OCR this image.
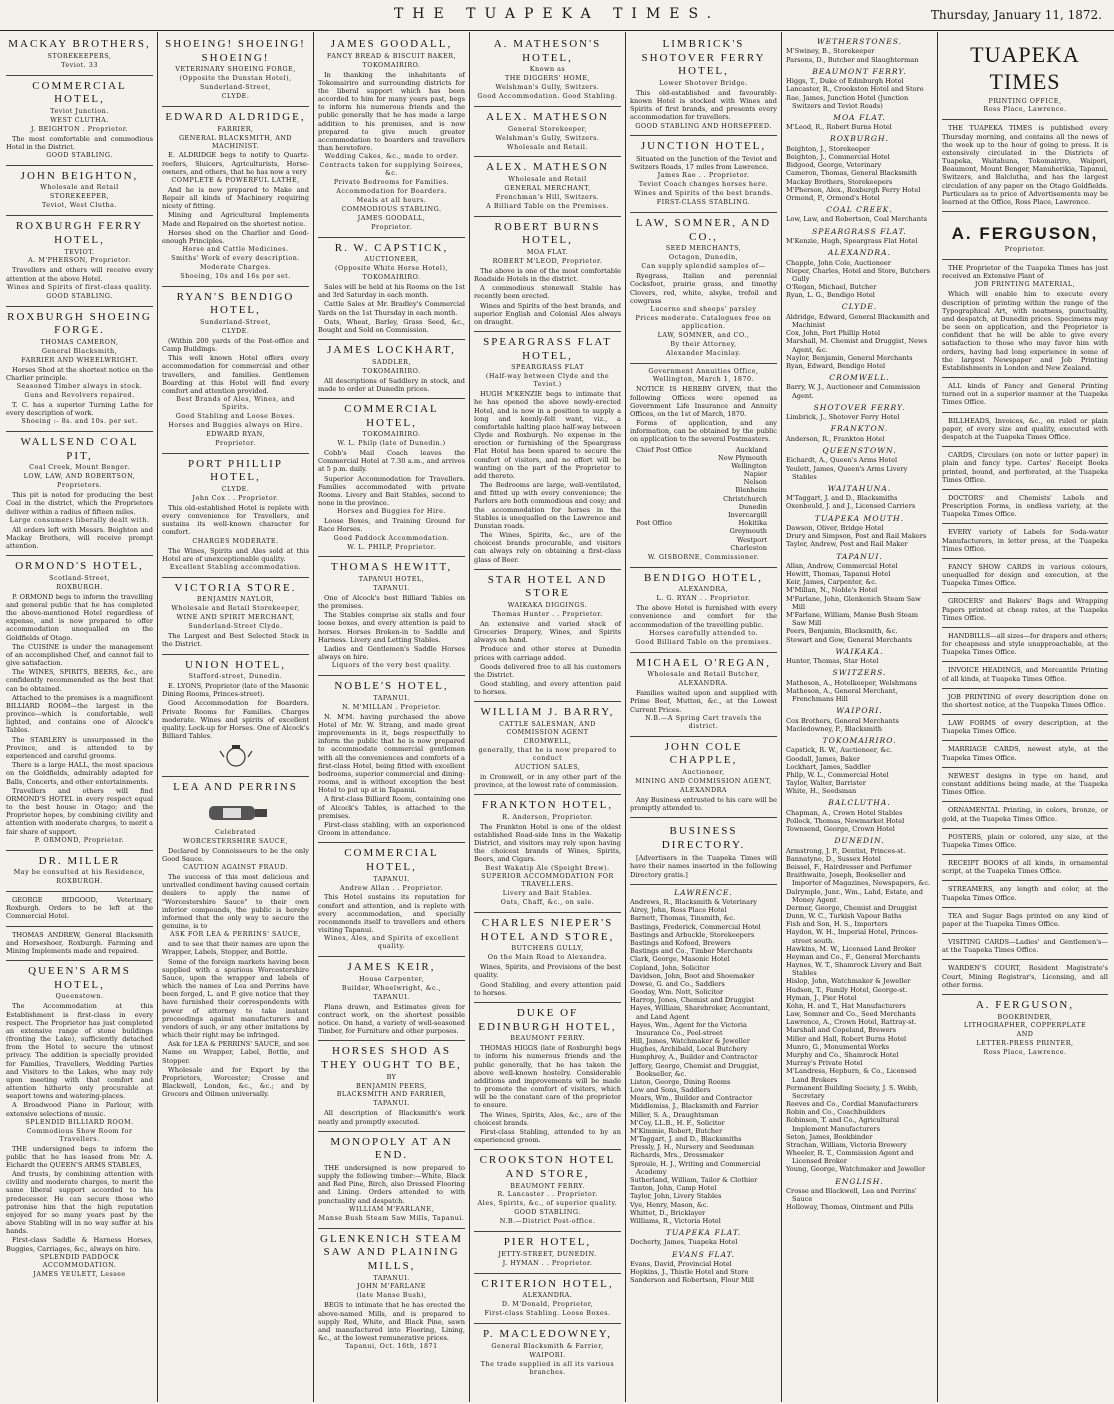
THE TUAPEKA TIMES.	Thursday, January 11, 1872.
MACKAY BROTHERS,
STOREKEEPERS,
Teviot. 33
COMMERCIAL HOTEL,
Teviot Junction.
WEST CLUTHA.
J. BEIGHTON . Proprietor.
The most comfortable and commodious Hotel in the District.
GOOD STABLING.
JOHN BEIGHTON,
Wholesale and Retail
STOREKEEPER,
Teviot, West Clutha.
ROXBURGH FERRY HOTEL,
TEVIOT.
A. M'PHERSON, Proprietor.
Travellers and others will receive every attention at the above Hotel.
Wines and Spirits of first-class quality.
GOOD STABLING.
ROXBURGH SHOEING FORGE.
THOMAS CAMERON,
General Blacksmith,
FARRIER AND WHEELWRIGHT.
Horses Shod at the shortest notice on the Charlier principle.
Seasoned Timber always in stock.
Guns and Revolvers repaired.
T. C. has a superior Turning Lathe for every description of work.
Shoeing :- 8s. and 10s. per set.
WALLSEND COAL PIT,
Coal Creek, Mount Benger.
LOW, LAW, AND ROBERTSON,
Proprietors.
This pit is noted for producing the best Coal in the district, which the Proprietors deliver within a radius of fifteen miles.
Large consumers liberally dealt with.
All orders left with Messrs. Beighton and Mackay Brothers, will receive prompt attention.
ORMOND'S HOTEL,
Scotland-Street,
ROXBURGH.
P. ORMOND begs to inform the travelling and general public that he has completed the above-mentioned Hotel regardless of expense, and is now prepared to offer accommodation unequalled on the Goldfields of Otago.
The CUISINE is under the management of an accomplished Chef, and cannot fail to give satisfaction.
The WINES, SPIRITS, BEERS, &c., are confidently recommended as the best that can be obtained.
Attached to the premises is a magnificent BILLIARD ROOM—the largest in the province—which is comfortable, well lighted, and contains one of Alcock's Tables.
The STABLERY is unsurpassed in the Province, and is attended to by experienced and careful grooms.
There is a large HALL, the most spacious on the Goldfields, admirably adapted for Balls, Concerts, and other entertainments.
Travellers and others will find ORMOND'S HOTEL in every respect equal to the best house in Otago; and the Proprietor hopes, by combining civility and attention with moderate charges, to merit a fair share of support.
P. ORMOND, Proprietor.
DR. MILLER
May be consulted at his Residence,
ROXBURGH.
GEORGE BIDGOOD, Veterinary, Roxburgh. Orders to be left at the Commercial Hotel.
THOMAS ANDREW, General Blacksmith and Horseshoer, Roxburgh. Farming and Mining Implements made and repaired.
QUEEN'S ARMS HOTEL,
Queenstown.
The Accommodation at this Establishment is first-class in every respect. The Proprietor has just completed an extensive range of stone buildings (fronting the Lake), sufficiently detached from the Hotel to secure the utmost privacy. The addition is specially provided for Families, Travellers, Wedding Parties and Visitors to the Lakes, who may rely upon meeting with that comfort and attention hitherto only procurable at seaport towns and watering-places.
A Broadwood Piano in Parlour, with extensive selections of music.
SPLENDID BILLIARD ROOM.
Commodious Show Room for Travellers.
THE undersigned begs to inform the public that he has leased from Mr. A. Eichardt the QUEEN'S ARMS STABLES,
And trusts, by combining attention with civility and moderate charges, to merit the same liberal support accorded to his predecessor. He can secure those who patronise him that the high reputation enjoyed for so many years past by the above Stabling will in no way suffer at his hands.
First-class Saddle & Harness Horses, Buggies, Carriages, &c., always on hire.
SPLENDID PADDOCK ACCOMMODATION.
JAMES YEULETT, Lessee
SHOEING! SHOEING! SHOEING!
VETERINARY SHOEING FORGE,
(Opposite the Dunstan Hotel),
Sunderland-Street,
CLYDE.
EDWARD ALDRIDGE,
FARRIER,
GENERAL BLACKSMITH, AND MACHINIST.
E. ALDRIDGE begs to notify to Quartz-reefers, Sluicers, Agriculturists, Horse-owners, and others, that he has now a very
COMPLETE & POWERFUL LATHE,
And he is now prepared to Make and Repair all kinds of Machinery requiring nicety of fitting.
Mining and Agricultural Implements Made and Repaired on the shortest notice.
Horses shod on the Charlier and Good-enough Principles.
Horse and Cattle Medicines.
Smiths' Work of every description.
Moderate Charges.
Shoeing, 10s and 16s per set.
RYAN'S BENDIGO HOTEL,
Sunderland-Street,
CLYDE.
(Within 200 yards of the Post-office and Camp Buildings.
This well known Hotel offers every accommodation for commercial and other travellers, and families. Gentlemen Boarding at this Hotel will find every comfort and attention provided.
Best Brands of Ales, Wines, and Spirits.
Good Stabling and Loose Boxes.
Horses and Buggies always on Hire.
EDWARD RYAN,
Proprietor.
PORT PHILLIP HOTEL,
CLYDE.
John Cox . . Proprietor.
This old-established Hotel is replete with every convenience for Travellers, and sustains its well-known character for comfort.
CHARGES MODERATE.
The Wines, Spirits and Ales sold at this Hotel are of unexceptionable quality.
Excellent Stabling accommodation.
VICTORIA STORE.
BENJAMIN NAYLOR,
Wholesale and Retail Storekeeper,
WINE AND SPIRIT MERCHANT,
Sunderland-Street Clyde.
The Largest and Best Selected Stock in the District.
UNION HOTEL,
Stafford-street, Dunedin.
E. LYONS, Proprietor (late of the Masonic Dining Rooms, Princes-street).
Good Accommodation for Boarders. Private Rooms for Families. Charges moderate. Wines and spirits of excellent quality. Lock-up for Horses. One of Alcock's Billiard Tables.
LEA AND PERRINS
Celebrated
WORCESTERSHIRE SAUCE,
Declared by Connoisseurs to be the only Good Sauce.
CAUTION AGAINST FRAUD.
The success of this most delicious and unrivalled condiment having caused certain dealers to apply the name of "Worcestershire Sauce" to their own inferior compounds, the public is hereby informed that the only way to secure the genuine, is to
ASK FOR LEA & PERRINS' SAUCE,
and to see that their names are upon the Wrapper, Labels, Stopper, and Bottle.
Some of the foreign markets having been supplied with a spurious Worcestershire Sauce, upon the wrapper and labels of which the names of Lea and Perrins have been forged, L. and P. give notice that they have furnished their correspondents with power of attorney to take instant proceedings against manufacturers and vendors of such, or any other imitations by which their right may be infringed.
Ask for LEA & PERRINS' SAUCE, and see Name on Wrapper, Label, Bottle, and Stopper.
Wholesale and for Export by the Proprietors, Worcester; Crosse and Blackwell, London, &c., &c.; and by Grocers and Oilmen universally.
JAMES GOODALL,
FANCY BREAD & BISCUIT BAKER,
TOKOMAIRIRO.
In thanking the inhabitants of Tokomairiro and surrounding districts for the liberal support which has been accorded to him for many years past, begs to inform his numerous friends and the public generally that he has made a large addition to his premises, and is now prepared to give much greater accommodation to boarders and travellers than heretofore.
Wedding Cakes, &c., made to order.
Contracts taken for supplying Soirees, &c.
Private Bedrooms for Families.
Accommodation for Boarders.
Meals at all hours.
COMMODIOUS STABLING.
JAMES GOODALL,
Proprietor.
R. W. CAPSTICK,
AUCTIONEER,
(Opposite White Horse Hotel),
TOKOMAIRIRO.
Sales will be held at his Rooms on the 1st and 3rd Saturday in each month.
Cattle Sales at Mr. Bradley's Commercial Yards on the 1st Thursday in each month.
Oats, Wheat, Barley, Grass Seed, &c., Bought and Sold on Commission.
JAMES LOCKHART,
SADDLER,
TOKOMAIRIRO.
All descriptions of Saddlery in stock, and made to order at Dunedin prices.
COMMERCIAL HOTEL,
TOKOMAIRIRO.
W. L. Philp (late of Dunedin.)
Cobb's Mail Coach leaves the Commercial Hotel at 7.30 a.m., and arrives at 5 p.m. daily.
Superior Accommodation for Travellers. Families accommodated with private Rooms. Livery and Bait Stables, second to none in the province.
Horses and Buggies for Hire.
Loose Boxes, and Training Ground for Race Horses.
Good Paddock Accommodation.
W. L. PHILP, Proprietor.
THOMAS HEWITT,
TAPANUI HOTEL,
TAPANUI.
One of Alcock's best Billiard Tables on the premises.
The Stables comprise six stalls and four loose boxes, and every attention is paid to horses. Horses Broken-in to Saddle and Harness. Livery and Letting Stables.
Ladies and Gentlemen's Saddle Horses always on hire.
Liquors of the very best quality.
NOBLE'S HOTEL,
TAPANUI.
N. M'MILLAN . Proprietor.
N. M'M. having purchased the above Hotel of Mr. W. Strang, and made great improvements in it, begs respectfully to inform the public that he is now prepared to accommodate commercial gentlemen with all the conveniences and comforts of a first-class Hotel, being fitted with excellent bedrooms, superior commercial and dining-rooms, and is without exception the best Hotel to put up at in Tapanui.
A first-class Billiard Room, containing one of Alcock's Tables, is attached to the premises.
First-class stabling, with an experienced Groom in attendance.
COMMERCIAL HOTEL,
TAPANUI.
Andrew Allan . . Proprietor.
This Hotel sustains its reputation for comfort and attention, and is replete with every accommodation, and specially recommends itself to travellers and others visiting Tapanui.
Wines, Ales, and Spirits of excellent quality.
JAMES KEIR,
House Carpenter,
Builder, Wheelwright, &c.,
TAPANUI.
Plans drawn, and Estimates given for contract work, on the shortest possible notice. On hand, a variety of well-seasoned Timber, for Furniture and other purposes.
HORSES SHOD AS THEY OUGHT TO BE,
BY
BENJAMIN PEERS,
BLACKSMITH AND FARRIER,
TAPANUI.
All description of Blacksmith's work neatly and promptly executed.
MONOPOLY AT AN END.
THE undersigned is now prepared to supply the following timber:—White, Black and Red Pine, Birch, also Dressed Flooring and Lining. Orders attended to with punctuality and despatch.
WILLIAM M'FARLANE,
Manse Bush Steam Saw Mills, Tapanui.
GLENKENICH STEAM SAW AND PLAINING MILLS,
TAPANUI.
JOHN M'FARLANE
(late Manse Bush),
BEGS to intimate that he has erected the above-named Mills, and is prepared to supply Red, White, and Black Pine, sawn and manufactured into Flooring, Lining, &c., at the lowest remunerative prices.
Tapanui, Oct. 16th, 1871
A. MATHESON'S HOTEL,
Known as
THE DIGGERS' HOME,
Welshman's Gully, Switzers.
Good Accommodation. Good Stabling.
ALEX. MATHESON
General Storekeeper,
Welshman's Gully, Switzers.
Wholesale and Retail.
ALEX. MATHESON
Wholesale and Retail
GENERAL MERCHANT,
Frenchman's Hill, Switzers.
A Billiard Table on the Premises.
ROBERT BURNS HOTEL,
MOA FLAT.
ROBERT M'LEOD, Proprietor.
The above is one of the most comfortable Roadside Hotels in the district.
A commodious stonewall Stable has recently been erected.
Wines and Spirits of the best brands, and superior English and Colonial Ales always on draught.
SPEARGRASS FLAT HOTEL,
SPEARGRASS FLAT
(Half-way between Clyde and the Teviot.)
HUGH M'KENZIE begs to intimate that he has opened the above newly-erected Hotel, and is now in a position to supply a long and keenly-felt want, viz., a comfortable halting place half-way between Clyde and Roxburgh. No expense in the erection or furnishing of the Speargrass Flat Hotel has been spared to secure the comfort of visitors, and no effort will be wanting on the part of the Proprietor to add thereto.
The Bedrooms are large, well-ventilated, and fitted up with every convenience; the Parlors are both commodious and cosy; and the accommodation for horses in the Stables is unequalled on the Lawrence and Dunstan roads.
The Wines, Spirits, &c., are of the choicest brands procurable, and visitors can always rely on obtaining a first-class glass of Beer.
STAR HOTEL AND STORE
WAIKAKA DIGGINGS.
Thomas Hunter . . Proprietor.
An extensive and varied stock of Groceries Drapery, Wines, and Spirits always on hand.
Produce and other stores at Dunedin prices with carriage added.
Goods delivered free to all his customers the District.
Good stabling, and every attention paid to horses.
WILLIAM J. BARRY,
CATTLE SALESMAN, AND COMMISSION AGENT
CROMWELL,
generally, that he is now prepared to conduct
AUCTION SALES,
in Cromwell, or in any other part of the province, at the lowest rate of commission.
FRANKTON HOTEL,
R. Anderson, Proprietor.
The Frankton Hotel is one of the oldest established Road-side Inns in the Wakatip District, and visitors may rely upon having the choicest brands of Wines, Spirits, Beers, and Cigars.
Best Wakatip Ale (Speight Brew).
SUPERIOR ACCOMMODATION FOR TRAVELLERS.
Livery and Bait Stables.
Oats, Chaff, &c., on sale.
CHARLES NIEPER'S HOTEL AND STORE,
BUTCHERS GULLY,
On the Main Road to Alexandra.
Wines, Spirits, and Provisions of the best quality.
Good Stabling, and every attention paid to horses.
DUKE OF EDINBURGH HOTEL,
BEAUMONT FERRY.
THOMAS HIGGS (late of Roxburgh) begs to inform his numerous friends and the public generally, that he has taken the above well-known hostelry. Considerable additions and improvements will be made to promote the comfort of visitors, which will be the constant care of the proprietor to ensure.
The Wines, Spirits, Ales, &c., are of the choicest brands.
First-class Stabling, attended to by an experienced groom.
CROOKSTON HOTEL AND STORE,
BEAUMONT FERRY.
R. Lancaster . . Proprietor.
Ales, Spirits, &c., of superior quality.
GOOD STABLING.
N.B.—District Post-office.
PIER HOTEL,
JETTY-STREET, DUNEDIN.
J. HYMAN . . Proprietor.
CRITERION HOTEL,
ALEXANDRA.
D. M'Donald, Proprietor,
First-class Stabling. Loose Boxes.
P. MACLEDOWNEY,
General Blacksmith & Farrier,
WAIPORI.
The trade supplied in all its various branches.
LIMBRICK'S SHOTOVER FERRY HOTEL,
Lower Shotover Bridge.
This old-established and favourably-known Hotel is stocked with Wines and Spirits of first brands, and presents every accommodation for travellers.
GOOD STABLING AND HORSEFEED.
JUNCTION HOTEL,
Situated on the Junction of the Teviot and Switzers Roads, 17 miles from Lawrence.
James Rae . . Proprietor.
Teviot Coach changes horses here.
Wines and Spirits of the best brands.
FIRST-CLASS STABLING.
LAW, SOMNER, AND CO.,
SEED MERCHANTS,
Octagon, Dunedin,
Can supply splendid samples of—
Ryegrass, Italian and perennial Cocksfoot, prairie grass, and timothy Clovers, red, white, alsyke, trefoil and cowgrass
Lucerne and sheeps' parsley
Prices moderate. Catalogues free on application.
LAW, SOMNER, and CO.,
By their Attorney,
Alexander Macinlay.
Government Annuities Office,
Wellington, March 1, 1870.
NOTICE IS HEREBY GIVEN, that the following Offices were opened as Government Life Insurance and Annuity Offices, on the 1st of March, 1870.
Forms of application, and any information, can be obtained by the public on application to the several Postmasters.
Chief Post Office	Auckland
New Plymouth
Wellington
Napier
Nelson
Blenheim
Christchurch
Dunedin
Invercargill
Post Office	Hokitika
Greymouth
Westport
Charleston
W. GISBORNE, Commissioner.
BENDIGO HOTEL,
ALEXANDRA,
L. G. RYAN . . Proprietor.
The above Hotel is furnished with every convenience and comfort for the accommodation of the travelling public.
Horses carefully attended to.
Good Billiard Table on the premises.
MICHAEL O'REGAN,
Wholesale and Retail Butcher,
ALEXANDRA.
Families waited upon and supplied with Prime Beef, Mutton, &c., at the Lowest Current Prices.
N.B.—A Spring Cart travels the district.
JOHN COLE CHAPPLE,
Auctioneer,
MINING AND COMMISSION AGENT,
ALEXANDRA
Any Business entrusted to his care will be promptly attended to.
BUSINESS DIRECTORY.
[Advertisers in the Tuapeka Times will have their names inserted in the following Directory gratis.]
LAWRENCE.
Andrews, R., Blacksmith & Veterinary
Airey, John, Ross Place Hotel
Barnett, Thomas, Tinsmith, &c.
Bastings, Frederick, Commercial Hotel
Bastings and Arbuckle, Storekeepers
Bastings and Kofoed, Brewers
Bastings and Co., Timber Merchants
Clark, George, Masonic Hotel
Copland, John, Solicitor
Davidson, John, Boot and Shoemaker
Dowse, G. and Co., Saddlers
Gooday, Wm. Nott, Solicitor
Harrop, Jones, Chemist and Druggist
Hayes, William, Sharebroker, Accountant, and Land Agent
Hayes, Wm., Agent for the Victoria Insurance Co., Peel-street
Hill, James, Watchmaker & Jeweller
Hughes, Archibald, Local Butchery
Humphrey, A., Builder and Contractor
Jeffery, George, Chemist and Druggist, Bookseller, &c.
Liston, George, Dining Rooms
Low and Sons, Saddlers
Mears, Wm., Builder and Contractor
Middlemiss, J., Blacksmith and Farrier
Miller, S. A., Draughtsman
M'Coy, LL.B., H. F., Solicitor
M'Kimmie, Robert, Butcher
M'Taggart, J. and D., Blacksmiths
Pressly, J. H., Nursery and Seedsman
Richards, Mrs., Dressmaker
Sproule, H. J., Writing and Commercial Academy
Sutherland, William, Tailor & Clothier
Tanton, John, Camp Hotel
Taylor, John, Livery Stables
Vye, Henry, Mason, &c.
Whittet, D., Bricklayer
Williams, R., Victoria Hotel
TUAPEKA FLAT.
Docherty, James, Tuapeka Hotel
EVANS FLAT.
Evans, David, Provincial Hotel
Hopkins, J., Thistle Hotel and Store
Sanderson and Robertson, Flour Mill
WETHERSTONES.
M'Swiney, B., Storekeeper
Parsons, D., Butcher and Slaughterman
BEAUMONT FERRY.
Higgs, T., Duke of Edinburgh Hotel
Lancaster, R., Crookston Hotel and Store
Rae, James, Junction Hotel (Junction Switzers and Teviot Roads)
MOA FLAT.
M'Leod, R., Robert Burns Hotel
ROXBURGH.
Beighton, J., Storekeeper
Beighton, J., Commercial Hotel
Bidgood, George, Veterinary
Cameron, Thomas, General Blacksmith
Mackay Brothers, Storekeepers
M'Pherson, Alex., Roxburgh Ferry Hotel
Ormond, P., Ormond's Hotel
COAL CREEK.
Low, Law, and Robertson, Coal Merchants
SPEARGRASS FLAT.
M'Kenzie, Hugh, Speargrass Flat Hotel
ALEXANDRA.
Chapple, John Cole, Auctioneer
Nieper, Charles, Hotel and Store, Butchers Gully
O'Regan, Michael, Butcher
Ryan, L. G., Bendigo Hotel
CLYDE.
Aldridge, Edward, General Blacksmith and Machinist
Cox, John, Port Phillip Hotel
Marshall, M. Chemist and Druggist, News Agent, &c.
Naylor, Benjamin, General Merchants
Ryan, Edward, Bendigo Hotel
CROMWELL.
Barry, W. J., Auctioneer and Commission Agent.
SHOTOVER FERRY.
Limbrick, J., Shotover Ferry Hotel
FRANKTON.
Anderson, R., Frankton Hotel
QUEENSTOWN.
Eichardt, A., Queen's Arms Hotel
Yeulett, James, Queen's Arms Livery Stables
WAITAHUNA.
M'Taggart, J. and D., Blacksmiths
Oxenbould, J. and J., Licensed Carriers
TUAPEKA MOUTH.
Dawson, Oliver, Bridge Hotel
Drury and Simpson, Post and Rail Makers
Taylor, Andrew, Post and Rail Maker
TAPANUI.
Allan, Andrew, Commercial Hotel
Hewitt, Thomas, Tapanui Hotel
Keir, James, Carpenter, &c.
M'Millan, N., Noble's Hotel
M'Farlane, John, Glenkenich Steam Saw Mill
M'Farlane, William, Manse Bush Steam Saw Mill
Peers, Benjamin, Blacksmith, &c.
Stewart and Gow, General Merchants
WAIKAKA.
Hunter, Thomas, Star Hotel
SWITZERS.
Matheson, A., Hotelkeeper, Welshmans
Matheson, A., General Merchant, Frenchmans Hill
WAIPORI.
Cox Brothers, General Merchants
Macledowney, P., Blacksmith
TOKOMAIRIRO.
Capstick, R. W., Auctioneer, &c.
Goodall, James, Baker
Lockhart, James, Saddler
Philp, W. L., Commercial Hotel
Taylor, Walter, Barrister
White, H., Seedsman
BALCLUTHA.
Chapman, A., Crown Hotel Stables
Pollock, Thomas, Newmarket Hotel
Townsend, George, Crown Hotel
DUNEDIN.
Armstrong, J. P., Dentist, Princes-st.
Bannatyne, D., Sussex Hotel
Beissel, F., Hairdresser and Perfumer
Braithwaite, Joseph, Bookseller and Importer of Magazines, Newspapers, &c.
Dalrymple, Junr., Wm., Lahd, Estate, and Money Agent
Dermer, George, Chemist and Druggist
Dunn, W. C., Turkish Vapour Baths
Fish and Son, H. S., Importers
Haydon, W. H., Imperial Hotel, Princes-street south.
Hawkins, M. W., Licensed Land Broker
Heyman and Co., F., General Merchants
Haynes, W. T., Shamrock Livery and Bait Stables
Hislop, John, Watchmaker & Jeweller
Hudson, T., Family Hotel, George-st.
Hyman, J., Pier Hotel
Kohn, H. and T., Hat Manufacturers
Law, Somner and Co., Seed Merchants
Lawrence, A., Crown Hotel, Rattray-st.
Marshall and Copeland, Brewers
Miller and Hall, Robert Burns Hotel
Munro, G., Monumental Works
Murphy and Co., Shamrock Hotel
Murray's Private Hotel
M'Landress, Hepburn, & Co., Licensed Land Brokers
Permanent Building Society, J. S. Webb, Secretary
Reeves and Co., Cordial Manufacturers
Robin and Co., Coachbuilders
Robinson, T. and Co., Agricultural Implement Manufacturers
Seton, James, Bookbinder
Strachan, William, Victoria Brewery
Wheeler, R. T., Commission Agent and Licensed Broker
Young, George, Watchmaker and Jeweller
ENGLISH.
Crosse and Blackwell, Lea and Perrins' Sauce
Holloway, Thomas, Ointment and Pills
TUAPEKA TIMES
PRINTING OFFICE,
Ross Place, Lawrence.
THE TUAPEKA TIMES is published every Thursday morning, and contains all the news of the week up to the hour of going to press. It is extensively circulated in the Districts of Tuapeka, Waitahuna, Tokomairiro, Waipori, Beaumont, Mount Benger, Manuherikia, Tapanui, Switzers, and Balclutha, and has the largest circulation of any paper on the Otago Goldfields. Particulars as to price of Advertisements may be learned at the Office, Ross Place, Lawrence.
A. FERGUSON,
Proprietor.
THE Proprietor of the Tuapeka Times has just received an Extensive Plant of
JOB PRINTING MATERIAL,
Which will enable him to execute every description of printing within the range of the Typographical Art, with neatness, punctuality, and despatch, at Dunedin prices. Specimens may be seen on application, and the Proprietor is confident that he will be able to give every satisfaction to those who may favor him with orders, having had long experience in some of the largest Newspaper and Job Printing Establishments in London and New Zealand.
ALL kinds of Fancy and General Printing turned out in a superior manner at the Tuapeka Times Office.
BILLHEADS, Invoices, &c., on ruled or plain paper, of every size and quality, executed with despatch at the Tuapeka Times Office.
CARDS, Circulars (on note or letter paper) in plain and fancy type. Cartes' Receipt Books printed, bound, and perforated, at the Tuapeka Times Office.
DOCTORS' and Chemists' Labels and Prescription Forms, in endless variety, at the Tuapeka Times Office.
EVERY variety of Labels for Soda-water Manufacturers, in letter press, at the Tuapeka Times Office.
FANCY SHOW CARDS in various colours, unequalled for design and execution, at the Tuapeka Times Office.
GROCERS' and Bakers' Bags and Wrapping Papers printed at cheap rates, at the Tuapeka Times Office.
HANDBILLS—all sizes—for drapers and others; for cheapness and style unapproachable, at the Tuapeka Times Office.
INVOICE HEADINGS, and Mercantile Printing of all kinds, at Tuapeka Times Office.
JOB PRINTING of every description done on the shortest notice, at the Tuapeka Times Office.
LAW FORMS of every description, at the Tuapeka Times Office.
MARRIAGE CARDS, newest style, at the Tuapeka Times Office.
NEWEST designs in type on hand, and constant additions being made, at the Tuapeka Times Office.
ORNAMENTAL Printing, in colors, bronze, or gold, at the Tuapeka Times Office.
POSTERS, plain or colored, any size, at the Tuapeka Times Office.
RECEIPT BOOKS of all kinds, in ornamental script, at the Tuapeka Times Office.
STREAMERS, any length and color, at the Tuapeka Times Office.
TEA and Sugar Bags printed on any kind of paper at the Tuapeka Times Office.
VISITING CARDS—Ladies' and Gentlemen's—at the Tuapeka Times Office.
WARDEN'S COURT, Resident Magistrate's Court, Mining Registrar's, Licensing, and all other forms.
A. FERGUSON,
BOOKBINDER,
LITHOGRAPHER, COPPERPLATE
AND
LETTER-PRESS PRINTER,
Ross Place, Lawrence.
